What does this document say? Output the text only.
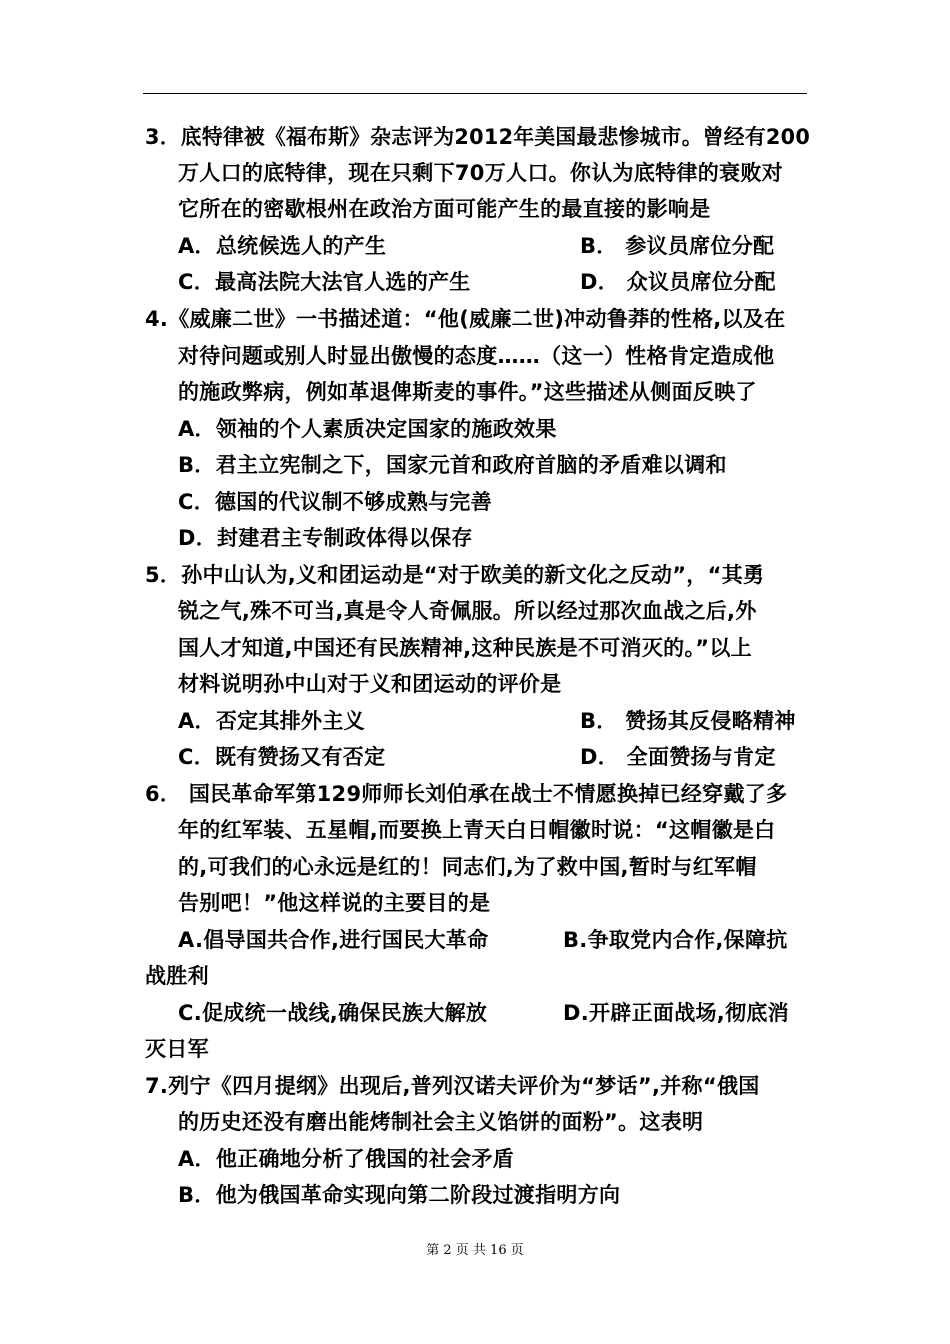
3．底特律被《福布斯》杂志评为2012年美国最悲惨城市。曾经有200
万人口的底特律，现在只剩下70万人口。你认为底特律的衰败对
它所在的密歇根州在政治方面可能产生的最直接的影响是
A．总统候选人的产生	B． 参议员席位分配
C．最高法院大法官人选的产生	D． 众议员席位分配
4.《威廉二世》一书描述道：“他(威廉二世)冲动鲁莽的性格,以及在
对待问题或别人时显出傲慢的态度……（这一）性格肯定造成他
的施政弊病，例如革退俾斯麦的事件。”这些描述从侧面反映了
A．领袖的个人素质决定国家的施政效果
B．君主立宪制之下，国家元首和政府首脑的矛盾难以调和
C．德国的代议制不够成熟与完善
D．封建君主专制政体得以保存
5．孙中山认为,义和团运动是“对于欧美的新文化之反动”，“其勇
锐之气,殊不可当,真是令人奇佩服。所以经过那次血战之后,外
国人才知道,中国还有民族精神,这种民族是不可消灭的。”以上
材料说明孙中山对于义和团运动的评价是
A．否定其排外主义	B． 赞扬其反侵略精神
C．既有赞扬又有否定	D． 全面赞扬与肯定
6． 国民革命军第129师师长刘伯承在战士不情愿换掉已经穿戴了多
年的红军装、五星帽,而要换上青天白日帽徽时说：“这帽徽是白
的,可我们的心永远是红的！同志们,为了救中国,暂时与红军帽
告别吧！”他这样说的主要目的是
A.倡导国共合作,进行国民大革命	B.争取党内合作,保障抗
战胜利
C.促成统一战线,确保民族大解放	D.开辟正面战场,彻底消
灭日军
7.列宁《四月提纲》出现后,普列汉诺夫评价为“梦话”,并称“俄国
的历史还没有磨出能烤制社会主义馅饼的面粉”。这表明
A．他正确地分析了俄国的社会矛盾
B．他为俄国革命实现向第二阶段过渡指明方向
第 2 页 共 16 页
